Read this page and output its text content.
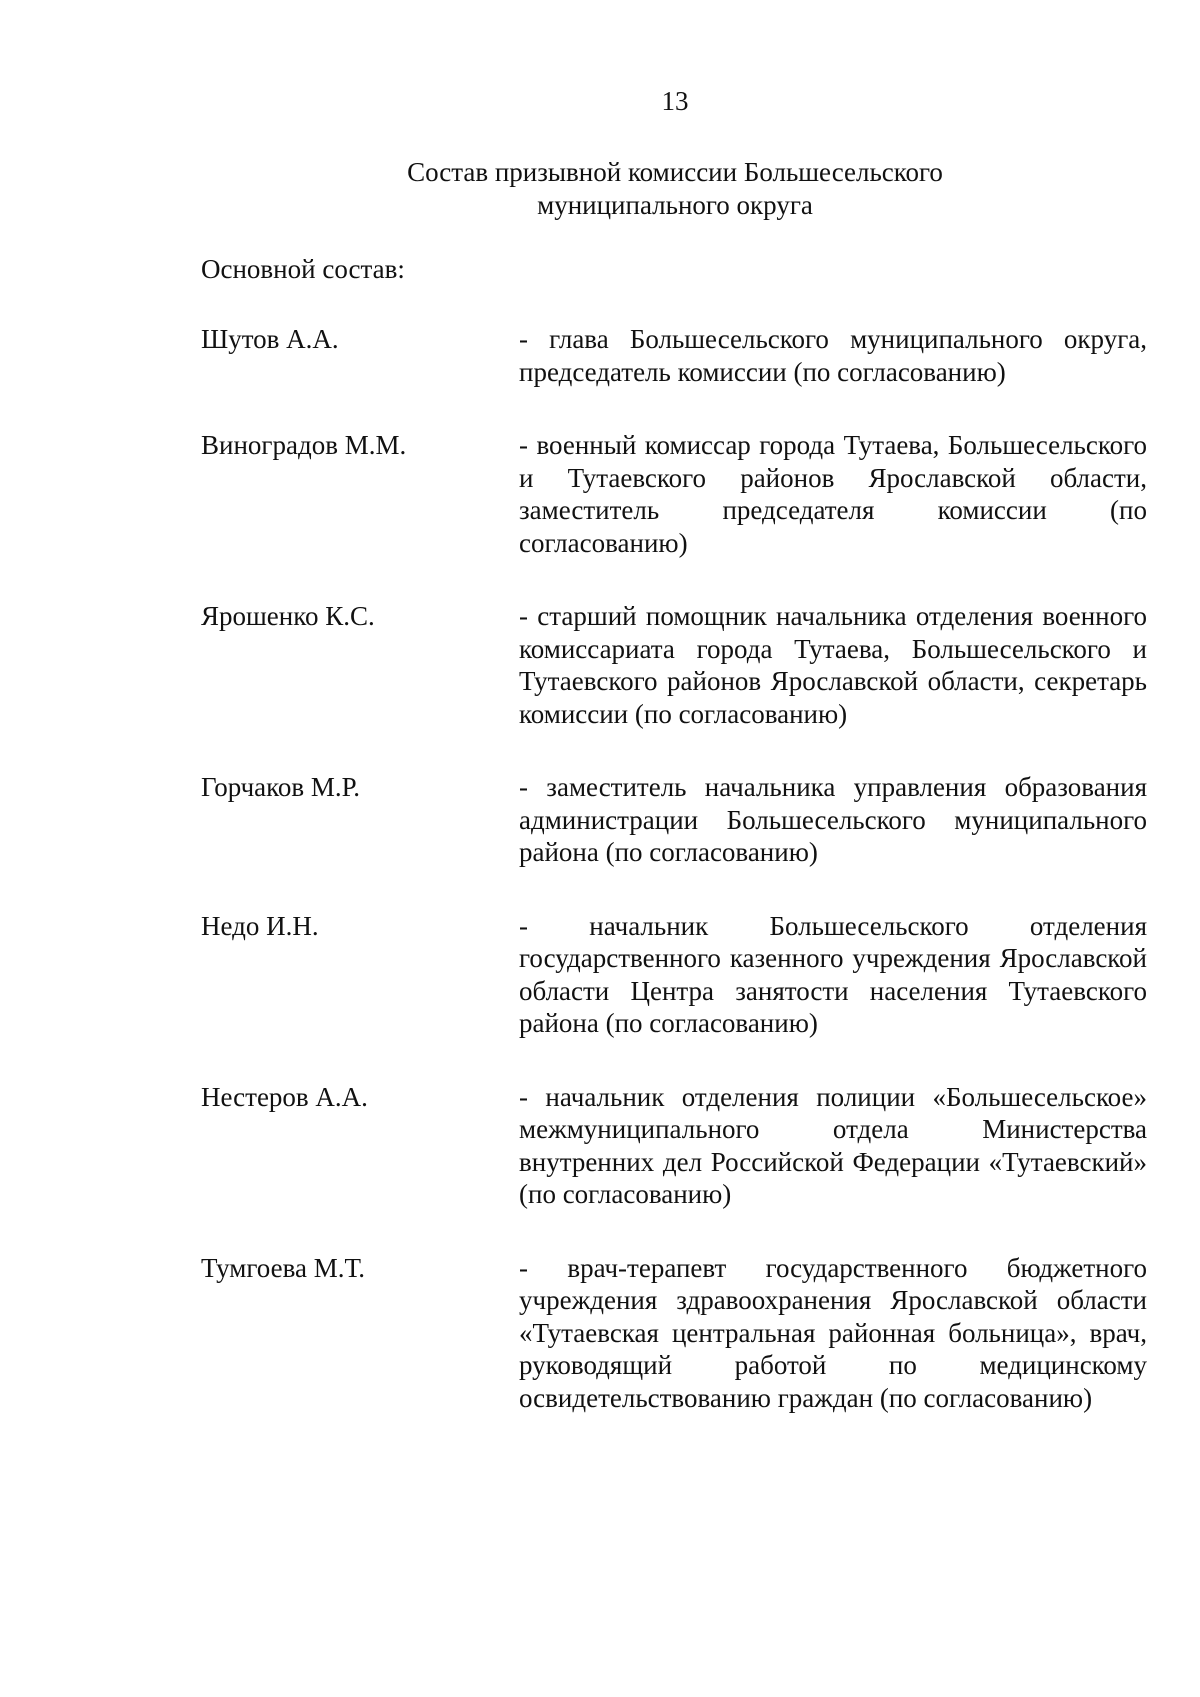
13
Состав призывной комиссии Большесельского
муниципального округа
Основной состав:
Шутов А.А.	- глава Большесельского муниципального округа, председатель комиссии (по согласованию)
Виноградов М.М.	- военный комиссар города Тутаева, Большесельского и Тутаевского районов Ярославской области, заместитель председателя комиссии (по согласованию)
Ярошенко К.С.	- старший помощник начальника отделения военного комиссариата города Тутаева, Большесельского и Тутаевского районов Ярославской области, секретарь комиссии (по согласованию)
Горчаков М.Р.	- заместитель начальника управления образования администрации Большесельского муниципального района (по согласованию)
Недо И.Н.	- начальник Большесельского отделения государственного казенного учреждения Ярославской области Центра занятости населения Тутаевского района (по согласованию)
Нестеров А.А.	- начальник отделения полиции «Большесельское» межмуниципального отдела Министерства внутренних дел Российской Федерации «Тутаевский» (по согласованию)
Тумгоева М.Т.	- врач-терапевт государственного бюджетного учреждения здравоохранения Ярославской области «Тутаевская центральная районная больница», врач, руководящий работой по медицинскому освидетельствованию граждан (по согласованию)
